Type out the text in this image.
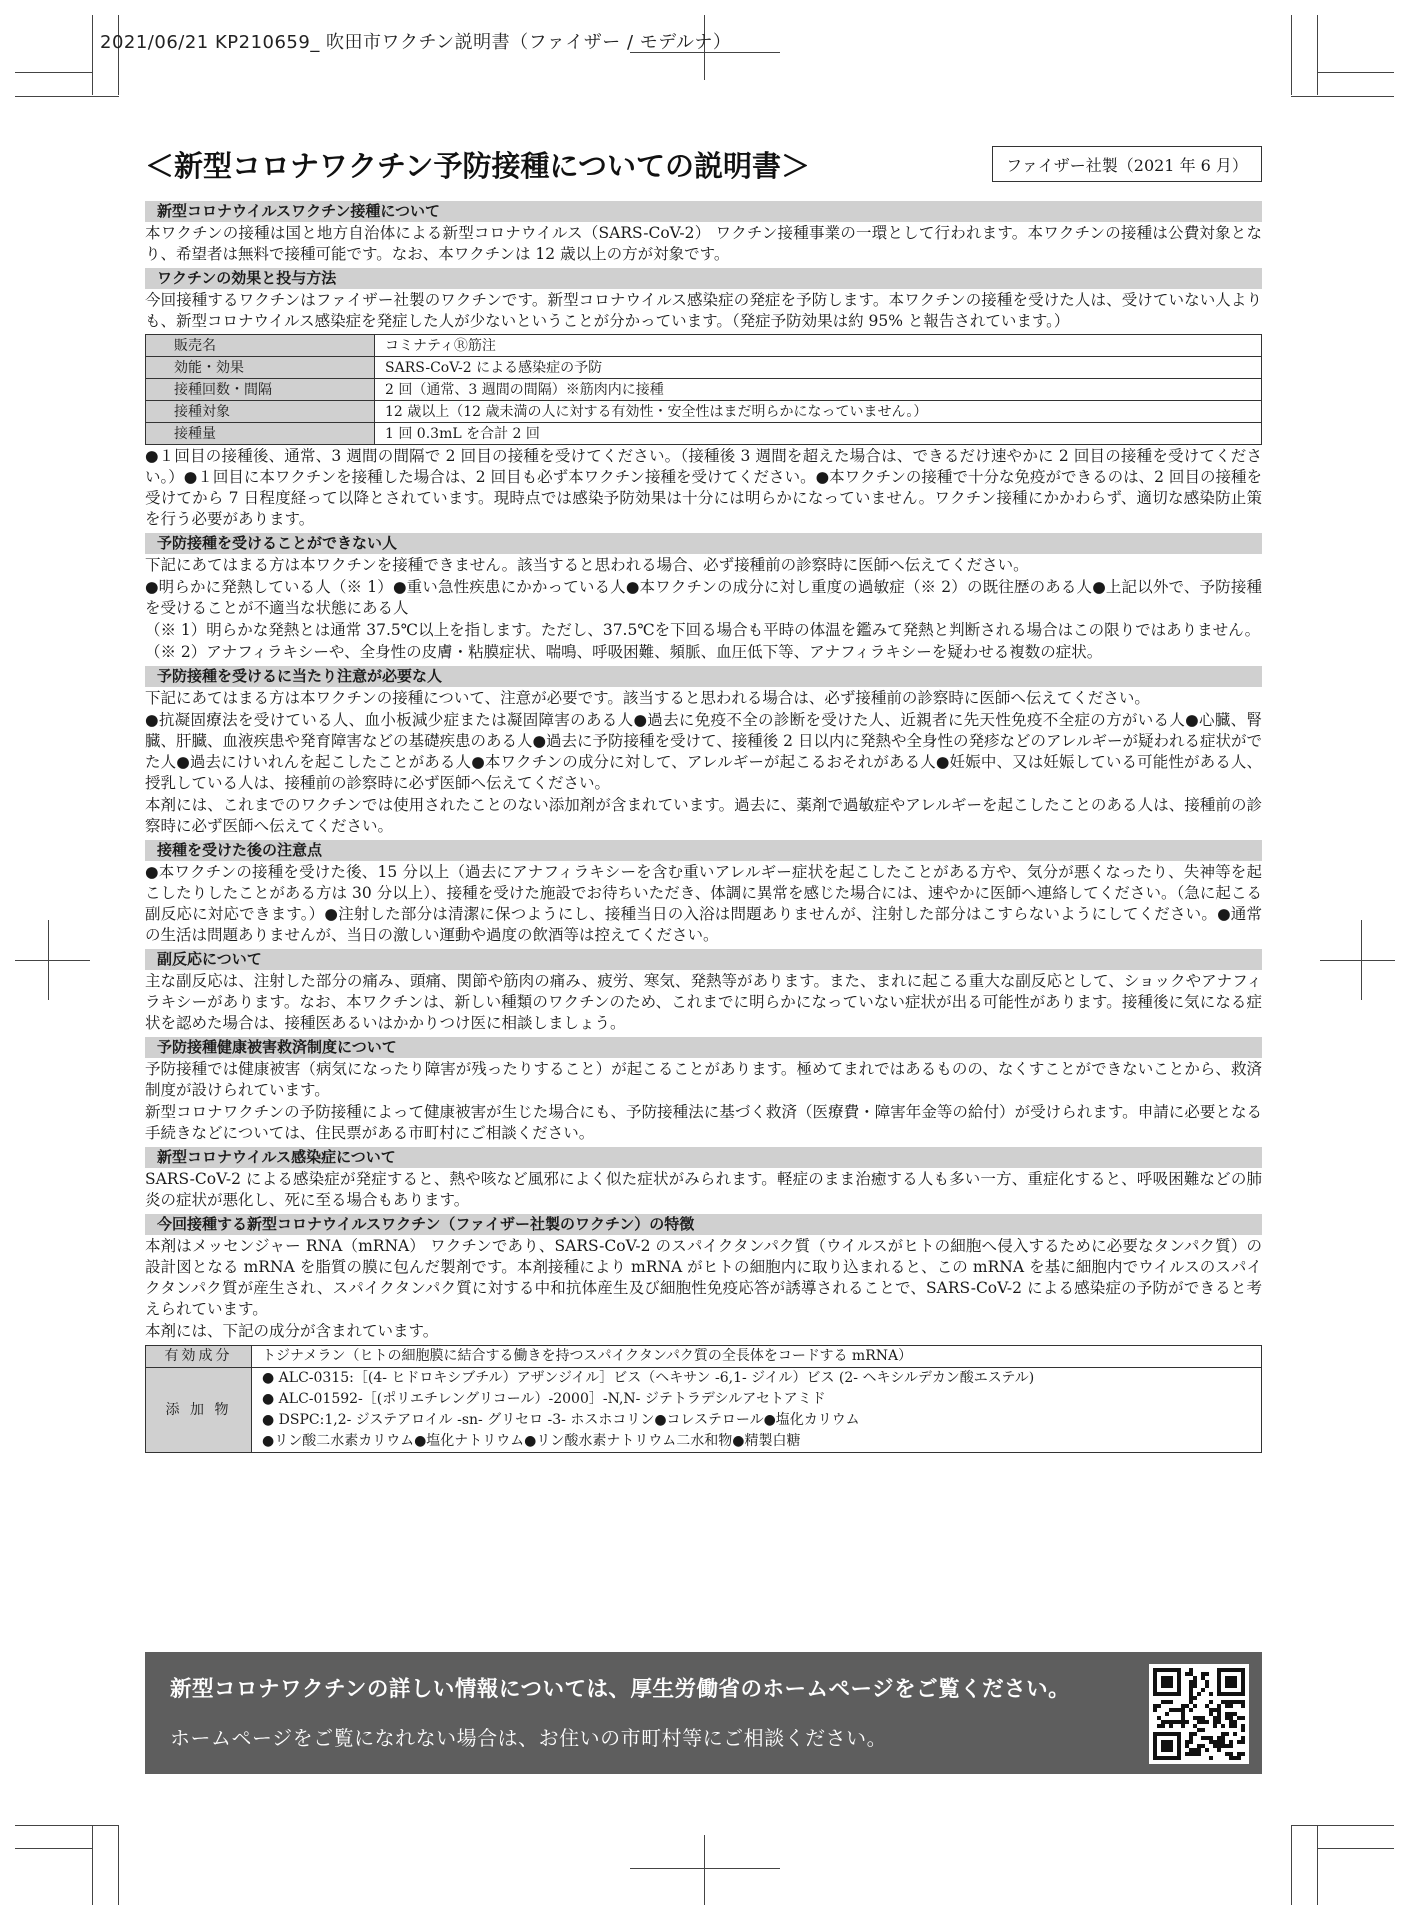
2021/06/21 KP210659_ 吹田市ワクチン説明書（ファイザー / モデルナ）
＜新型コロナワクチン予防接種についての説明書＞	ファイザー社製（2021 年 6 月）
新型コロナウイルスワクチン接種について

本ワクチンの接種は国と地方自治体による新型コロナウイルス（SARS-CoV-2） ワクチン接種事業の一環として行われます。本ワクチンの接種は公費対象となり、希望者は無料で接種可能です。なお、本ワクチンは 12 歳以上の方が対象です。

ワクチンの効果と投与方法

今回接種するワクチンはファイザー社製のワクチンです。新型コロナウイルス感染症の発症を予防します。本ワクチンの接種を受けた人は、受けていない人よりも、新型コロナウイルス感染症を発症した人が少ないということが分かっています。（発症予防効果は約 95% と報告されています。）

販売名	コミナティⓇ筋注
効能・効果	SARS-CoV-2 による感染症の予防
接種回数・間隔	2 回（通常、3 週間の間隔）※筋肉内に接種
接種対象	12 歳以上（12 歳未満の人に対する有効性・安全性はまだ明らかになっていません。）
接種量	1 回 0.3mL を合計 2 回

●１回目の接種後、通常、3 週間の間隔で 2 回目の接種を受けてください。（接種後 3 週間を超えた場合は、できるだけ速やかに 2 回目の接種を受けてください。）●１回目に本ワクチンを接種した場合は、2 回目も必ず本ワクチン接種を受けてください。●本ワクチンの接種で十分な免疫ができるのは、2 回目の接種を受けてから 7 日程度経って以降とされています。現時点では感染予防効果は十分には明らかになっていません。ワクチン接種にかかわらず、適切な感染防止策を行う必要があります。

予防接種を受けることができない人

下記にあてはまる方は本ワクチンを接種できません。該当すると思われる場合、必ず接種前の診察時に医師へ伝えてください。

●明らかに発熱している人（※ 1）●重い急性疾患にかかっている人●本ワクチンの成分に対し重度の過敏症（※ 2）の既往歴のある人●上記以外で、予防接種を受けることが不適当な状態にある人

（※ 1）明らかな発熱とは通常 37.5℃以上を指します。ただし、37.5℃を下回る場合も平時の体温を鑑みて発熱と判断される場合はこの限りではありません。

（※ 2）アナフィラキシーや、全身性の皮膚・粘膜症状、喘鳴、呼吸困難、頻脈、血圧低下等、アナフィラキシーを疑わせる複数の症状。

予防接種を受けるに当たり注意が必要な人

下記にあてはまる方は本ワクチンの接種について、注意が必要です。該当すると思われる場合は、必ず接種前の診察時に医師へ伝えてください。

●抗凝固療法を受けている人、血小板減少症または凝固障害のある人●過去に免疫不全の診断を受けた人、近親者に先天性免疫不全症の方がいる人●心臓、腎臓、肝臓、血液疾患や発育障害などの基礎疾患のある人●過去に予防接種を受けて、接種後 2 日以内に発熱や全身性の発疹などのアレルギーが疑われる症状がでた人●過去にけいれんを起こしたことがある人●本ワクチンの成分に対して、アレルギーが起こるおそれがある人●妊娠中、又は妊娠している可能性がある人、授乳している人は、接種前の診察時に必ず医師へ伝えてください。

本剤には、これまでのワクチンでは使用されたことのない添加剤が含まれています。過去に、薬剤で過敏症やアレルギーを起こしたことのある人は、接種前の診察時に必ず医師へ伝えてください。

接種を受けた後の注意点

●本ワクチンの接種を受けた後、15 分以上（過去にアナフィラキシーを含む重いアレルギー症状を起こしたことがある方や、気分が悪くなったり、失神等を起こしたりしたことがある方は 30 分以上）、接種を受けた施設でお待ちいただき、体調に異常を感じた場合には、速やかに医師へ連絡してください。（急に起こる副反応に対応できます。）●注射した部分は清潔に保つようにし、接種当日の入浴は問題ありませんが、注射した部分はこすらないようにしてください。●通常の生活は問題ありませんが、当日の激しい運動や過度の飲酒等は控えてください。

副反応について

主な副反応は、注射した部分の痛み、頭痛、関節や筋肉の痛み、疲労、寒気、発熱等があります。また、まれに起こる重大な副反応として、ショックやアナフィラキシーがあります。なお、本ワクチンは、新しい種類のワクチンのため、これまでに明らかになっていない症状が出る可能性があります。接種後に気になる症状を認めた場合は、接種医あるいはかかりつけ医に相談しましょう。

予防接種健康被害救済制度について

予防接種では健康被害（病気になったり障害が残ったりすること）が起こることがあります。極めてまれではあるものの、なくすことができないことから、救済制度が設けられています。

新型コロナワクチンの予防接種によって健康被害が生じた場合にも、予防接種法に基づく救済（医療費・障害年金等の給付）が受けられます。申請に必要となる手続きなどについては、住民票がある市町村にご相談ください。

新型コロナウイルス感染症について

SARS-CoV-2 による感染症が発症すると、熱や咳など風邪によく似た症状がみられます。軽症のまま治癒する人も多い一方、重症化すると、呼吸困難などの肺炎の症状が悪化し、死に至る場合もあります。

今回接種する新型コロナウイルスワクチン（ファイザー社製のワクチン）の特徴

本剤はメッセンジャー RNA（mRNA） ワクチンであり、SARS-CoV-2 のスパイクタンパク質（ウイルスがヒトの細胞へ侵入するために必要なタンパク質）の設計図となる mRNA を脂質の膜に包んだ製剤です。本剤接種により mRNA がヒトの細胞内に取り込まれると、この mRNA を基に細胞内でウイルスのスパイクタンパク質が産生され、スパイクタンパク質に対する中和抗体産生及び細胞性免疫応答が誘導されることで、SARS-CoV-2 による感染症の予防ができると考えられています。

本剤には、下記の成分が含まれています。

有効成分	トジナメラン（ヒトの細胞膜に結合する働きを持つスパイクタンパク質の全長体をコードする mRNA）
添 加 物	● ALC-0315:［(4- ヒドロキシブチル）アザンジイル］ビス（ヘキサン -6,1- ジイル）ビス (2- ヘキシルデカン酸エステル)
● ALC-01592-［(ポリエチレングリコール）-2000］-N,N- ジテトラデシルアセトアミド
● DSPC:1,2- ジステアロイル -sn- グリセロ -3- ホスホコリン●コレステロール●塩化カリウム
●リン酸二水素カリウム●塩化ナトリウム●リン酸水素ナトリウム二水和物●精製白糖
新型コロナワクチンの詳しい情報については、厚生労働省のホームページをご覧ください。
ホームページをご覧になれない場合は、お住いの市町村等にご相談ください。
